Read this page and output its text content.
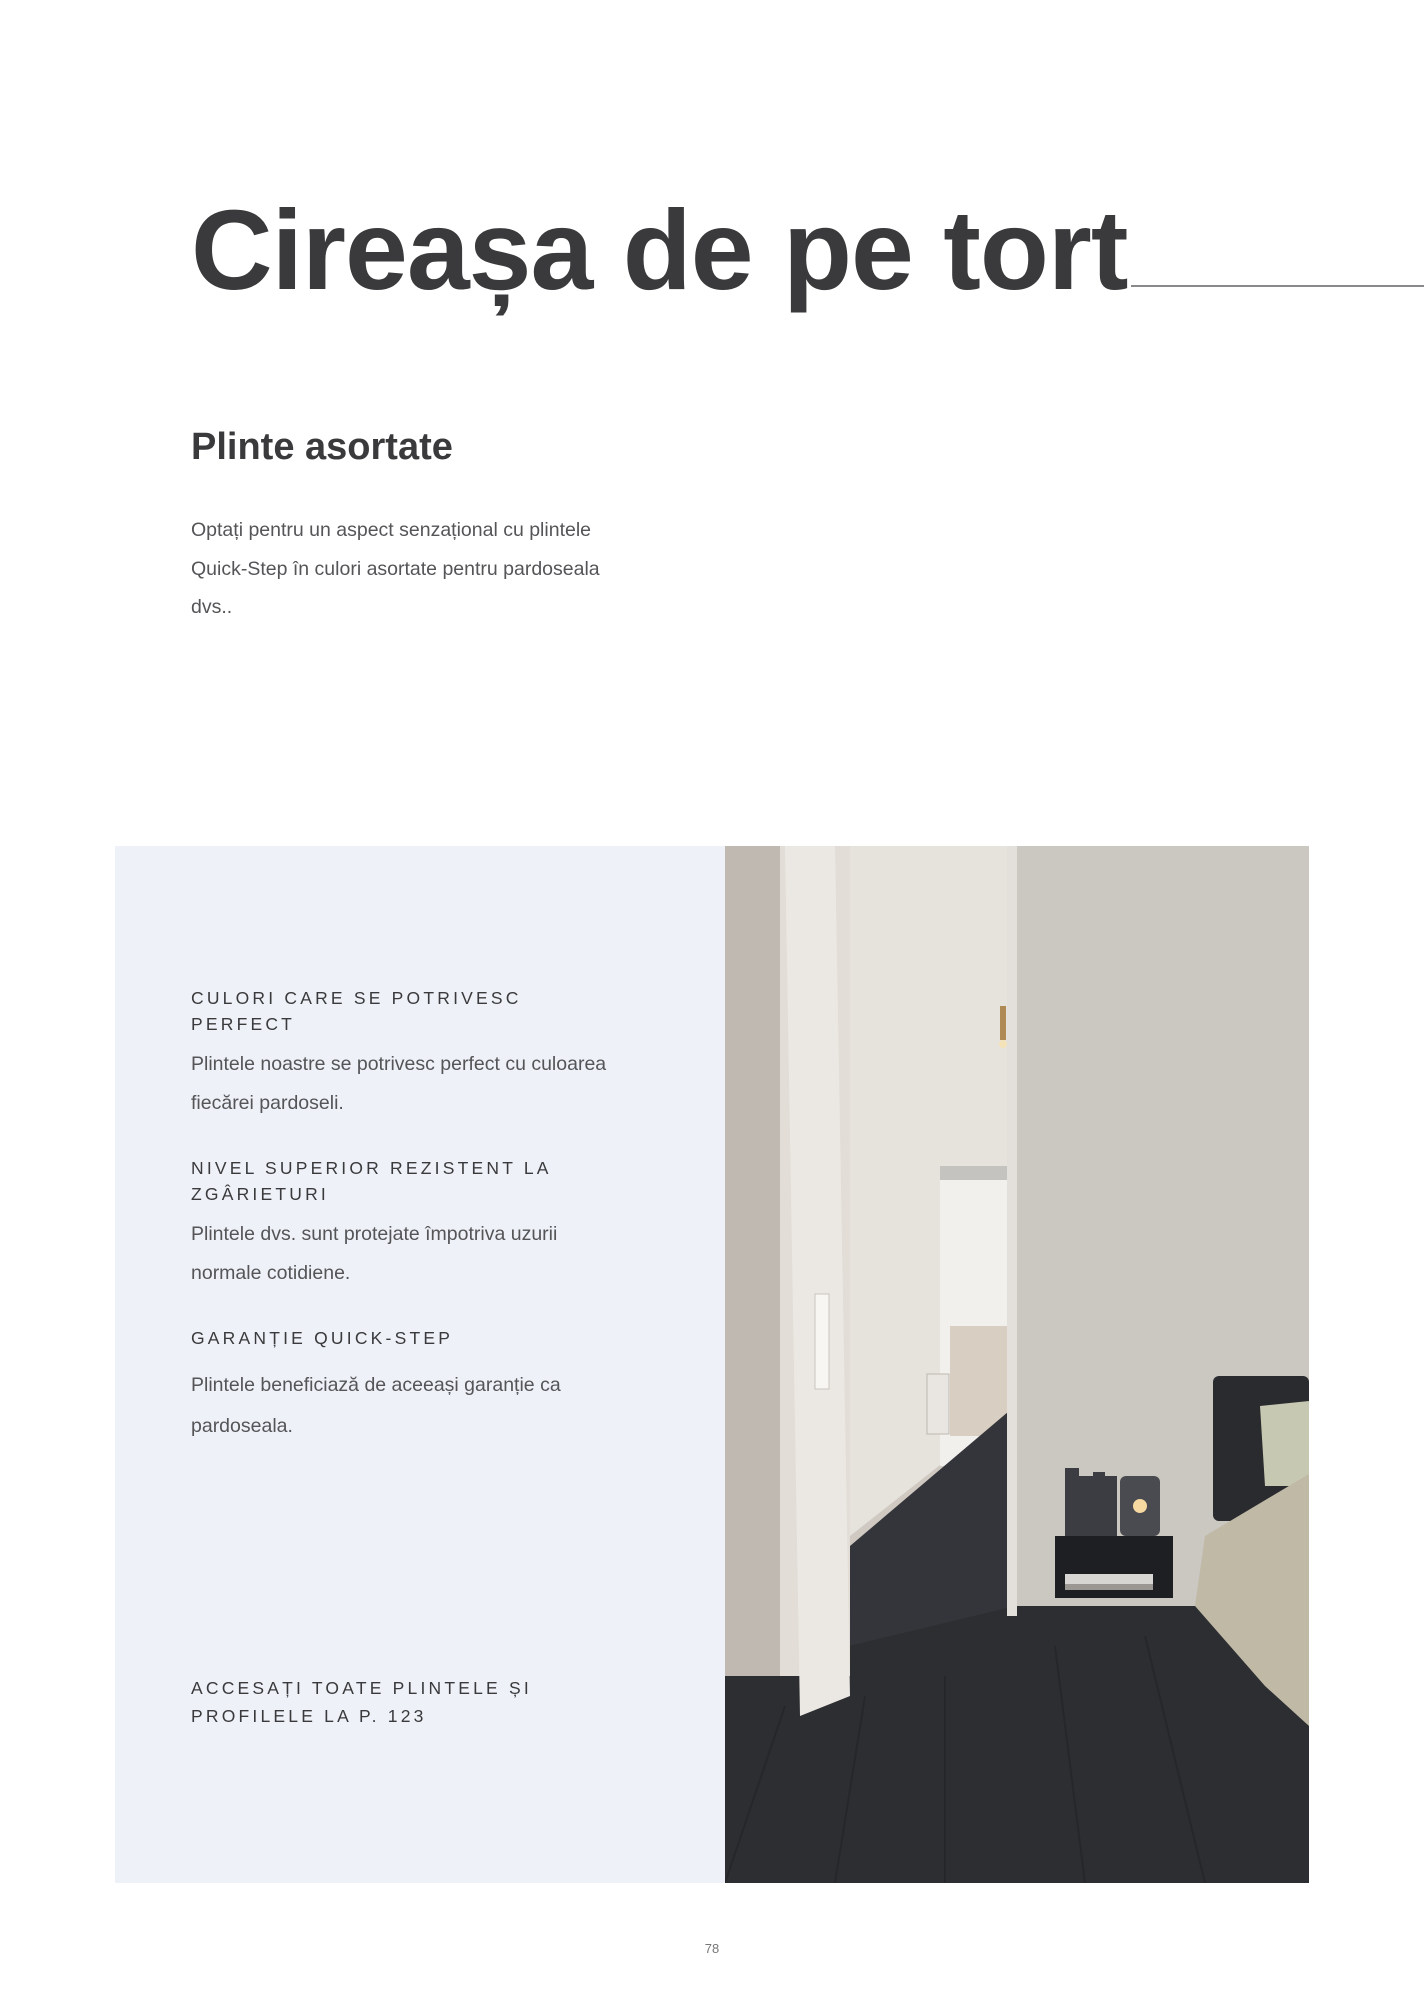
Cireașa de pe tort
Plinte asortate

Optați pentru un aspect senzațional cu plintele Quick-Step în culori asortate pentru pardoseala dvs..

CULORI CARE SE POTRIVESC PERFECT

Plintele noastre se potrivesc perfect cu culoarea fiecărei pardoseli.

NIVEL SUPERIOR REZISTENT LA ZGÂRIETURI

Plintele dvs. sunt protejate împotriva uzurii normale cotidiene.

GARANȚIE QUICK-STEP

Plintele beneficiază de aceeași garanție ca pardoseala.

ACCESAȚI TOATE PLINTELE ȘI PROFILELE LA P. 123

78
